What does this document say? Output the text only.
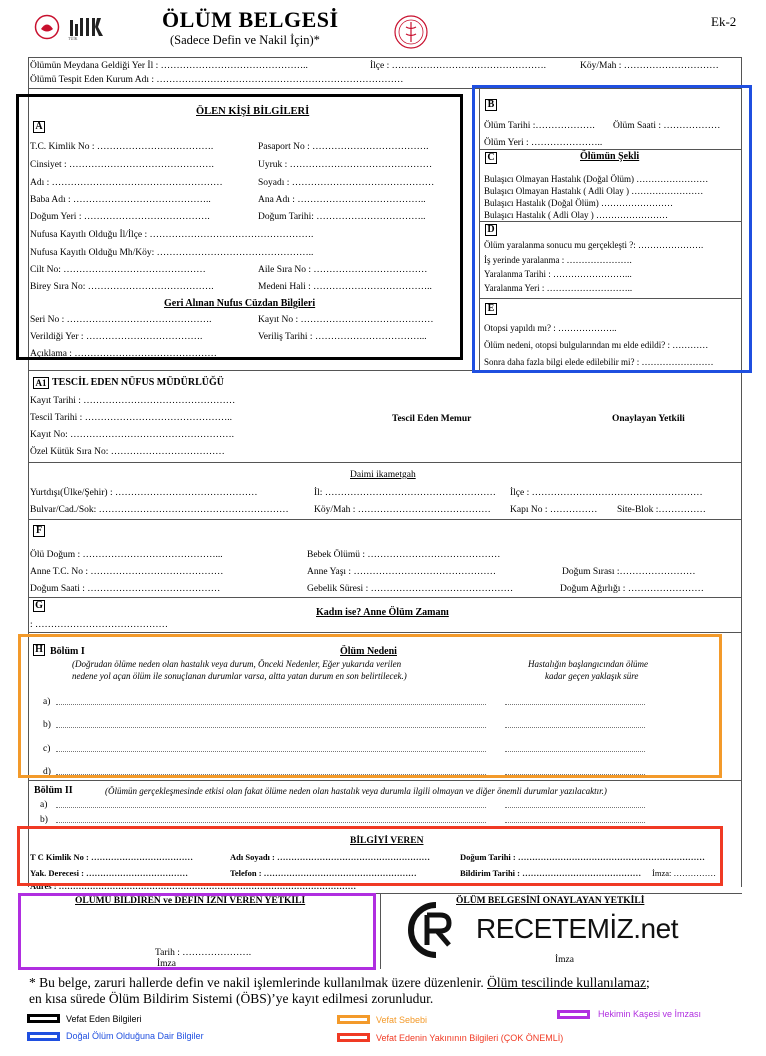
TÜİK
ÖLÜM BELGESİ
(Sadece Defin ve Nakil İçin)*
Ek-2
Ölümün Meydana Geldiği Yer İl : ………………………………………..	İlçe : ………………………………………….	Köy/Mah : …………………………
Ölümü Tespit Eden Kurum Adı : ……………………………………………………………………
A
ÖLEN KİŞİ BİLGİLERİ
T.C. Kimlik No : ……………………………….	Pasaport No : ……………………………….
Cinsiyet : ……………………………………….	Uyruk : ………………………………………
Adı : ………………………………………………	Soyadı : ………………………………………
Baba Adı : ……………………………………..	Ana Adı : …………………………………..
Doğum Yeri : ………………………………….	Doğum Tarihi: ……………………………..
Nufusa Kayıtlı Olduğu İl/İlçe : …………………………………………….
Nufusa Kayıtlı Olduğu Mh/Köy: …………………………………………..
Cilt No: ………………………………………	Aile Sıra No : ………………………………
Birey Sıra No: ………………………………….	Medeni Hali : ………………………………..
Geri Alınan Nufus Cüzdan Bilgileri
Seri No : ……………………………………….	Kayıt No : ……………………………………
Verildiği Yer : ……………………………….	Veriliş Tarihi : ……………………………...
Açıklama : ………………………………………
B
Ölüm Tarihi :………………. Ölüm Saati : ………………
Ölüm Yeri : …………………..
C	Ölümün Şekli
Bulaşıcı Olmayan Hastalık (Doğal Ölüm) ……………………
Bulaşıcı Olmayan Hastalık ( Adli Olay ) ……………………
Bulaşıcı Hastalık (Doğal Ölüm) ……………………
Bulaşıcı Hastalık ( Adli Olay ) ……………………
D
Ölüm yaralanma sonucu mu gerçekleşti ?: ………………….
İş yerinde yaralanma : ………………….
Yaralanma Tarihi : ……………………...
Yaralanma Yeri : ………………………..
E
Otopsi yapıldı mı? : ………………..
Ölüm nedeni, otopsi bulgularından mı elde edildi? : …………
Sonra daha fazla bilgi elede edilebilir mi? : ……………………
A1 TESCİL EDEN NÜFUS MÜDÜRLÜĞÜ
Kayıt Tarihi : …………………………………………
Tescil Tarihi : ………………………………………..
Kayıt No: …………………………………………….
Özel Kütük Sıra No: ………………………………
Tescil Eden Memur	Onaylayan Yetkili
Daimi ikametgah
Yurtdışı(Ülke/Şehir) : ………………………………………	İl: ……………………………………………… İlçe : ………………………………………………
Bulvar/Cad./Sok: ……………………………………………………	Köy/Mah : …………………………………… Kapı No : …………… Site-Blok :……………
F
Ölü Doğum : ……………………………………...	Bebek Ölümü : ……………………………………
Anne T.C. No : ……………………………………	Anne Yaşı : ………………………………………	Doğum Sırası :……………………
Doğum Saati : ……………………………………	Gebelik Süresi : ………………………………………	Doğum Ağırlığı : ……………………
G
Kadın ise? Anne Ölüm Zamanı
: ……………………………………
H Bölüm I	Ölüm Nedeni
(Doğrudan ölüme neden olan hastalık veya durum, Önceki Nedenler, Eğer yukarıda verilen
nedene yol açan ölüm ile sonuçlanan durumlar varsa, altta yatan durum en son belirtilecek.)
Hastalığın başlangıcından ölüme
kadar geçen yaklaşık süre
a)
b)
c)
d)
Bölüm II	(Ölümün gerçekleşmesinde etkisi olan fakat ölüme neden olan hastalık veya durumla ilgili olmayan ve diğer önemli durumlar yazılacaktır.)
a)
b)
BİLGİYİ VEREN
T C Kimlik No : ………………………………	Adı Soyadı : ………………………………………………	Doğum Tarihi : …………………………………………………………
Yak. Derecesi : ………………………………	Telefon : ………………………………………………	Bildirim Tarihi : …………………………………… İmza: ……………
Adres : ……………………………………………………………………………………………
ÖLÜMÜ BİLDİREN ve DEFİN İZNİ VEREN YETKİLİ	ÖLÜM BELGESİNİ ONAYLAYAN YETKİLİ
Tarih : ………………….
İmza	İmza
RECETEMİZ.net
* Bu belge, zaruri hallerde defin ve nakil işlemlerinde kullanılmak üzere düzenlenir. Ölüm tescilinde kullanılamaz;
en kısa sürede Ölüm Bildirim Sistemi (ÖBS)’ye kayıt edilmesi zorunludur.
Vefat Eden Bilgileri
Doğal Ölüm Olduğuna Dair Bilgiler
Vefat Sebebi
Vefat Edenin Yakınının Bilgileri (ÇOK ÖNEMLİ)
Hekimin Kaşesi ve İmzası
